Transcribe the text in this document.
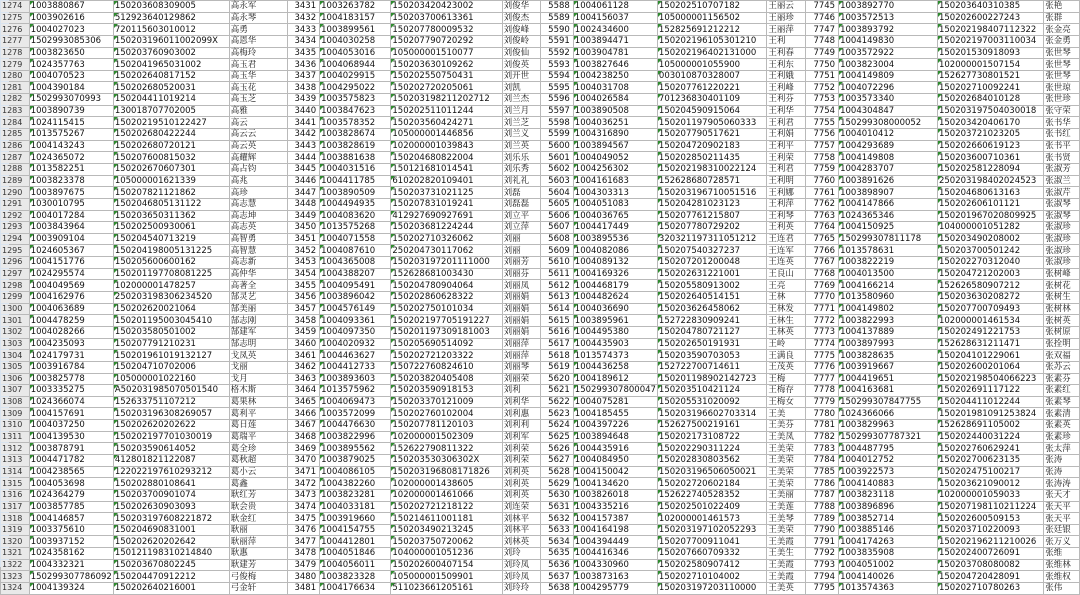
1274	1003880867	150203608309005	高永军	3431	1003263782	150203420423002	刘俊华	5588	1004061128	150202510707182	王丽云	7745	1003892770	150203640310385	张艳
1275	1003902616	512923640129862	高永琴	3432	1004183157	150203700613361	刘俊杰	5589	1004156037	105000001156502	王丽珍	7746	1003572513	150202600227243	张群
1276	1004027023	720115603010012	高勇	3433	1003899561	150207780009532	刘俊峰	5590	1002434600	152825691212212	王丽萍	7747	1003893792	150202198407112322	张金亮
1277	1502993085306	150203196011002099X	高恩华	3434	1004030258	150207790720292	刘俊岭	5591	1003894471	150202196105301210	王利	7748	1004149830	150202197003110034	张金勇
1278	1003823650	150203760903002	高梅玲	3435	1004053016	105000001510077	刘俊仙	5592	1003904781	150202196402131000	王利春	7749	1003572922	150201530918093	张世琴
1279	1024357763	1502041965031002	高玉君	3436	1004068944	150203630109262	刘俊英	5593	1003827646	105000001055900	王利东	7750	1003823004	102000001507154	张世琴
1280	1004070523	150202640817152	高玉华	3437	1004029915	150202550750431	刘开世	5594	1004238250	003010870328007	王利娥	7751	1004149809	152627730801521	张世琴
1281	1004390184	150202680520031	高玉花	3438	1004295022	150202720205061	刘凯	5595	1004031708	150207761220221	王利峰	7752	1004072296	150202710092241	张世琼
1282	1502993070993	150204411019214	高玉芝	3439	1003575823	150203198211202712	刘兰杰	5596	1004026584	701236830401109	王利芬	7753	1003573340	150202684010128	张世珍
1283	1003890739	130018707702005	高雅	3440	1003847623	150202511011244	刘兰月	5597	1003890508	150204590915064	王利华	7754	1004304847	150203197504030018	张守荣
1284	1024115415	15020219510122427	高云	3441	1003578352	150203560424271	刘兰芝	5598	1004036251	150201197905060333	王利君	7755	150299308000052	150203420406170	张书华
1285	1013575267	150202680422244	高云云	3442	1003828674	105000001446856	刘兰义	5599	1004316890	150207790517621	王利娟	7756	1004010412	150203721023205	张书红
1286	1004143243	150202680720121	高云英	3443	1003828619	102000001039843	刘兰英	5600	1003894567	150204720902183	王利平	7757	1004293689	150202660619123	张书平
1287	1024365072	150207600815032	高耀辉	3444	1003881638	150204680822004	刘乐乐	5601	1004049052	150202850211435	王利荣	7758	1004149808	150203600710361	张书贤
1288	1013582251	150202670607301	高占钧	3445	1004031516	150121681014541	刘乐秀	5602	1004256302	150202198310022124	王利君	7759	1004283707	150202581228094	张淑芳
1289	1003823378	105000001621339	高兆	3446	1004411785	610202820109401	刘礼礼	5603	1004161683	152628680728571	王利明	7760	1003891626	250203198402024523	张淑兰
1290	1003897675	150207821121862	高珍	3447	1003890509	150203731021125	刘磊	5604	1004303313	150203196710051516	王利娜	7761	1003898907	150204680613163	张淑芹
1291	1030010795	1502046805131122	高志慧	3448	1004494935	150207831019241	刘磊磊	5605	1004051083	150204281023123	王利萍	7762	1004147866	150202606101121	张淑琴
1292	1004017284	150203650311362	高志坤	3449	1004083620	412927690927691	刘立平	5606	1004036765	150207761215807	王利琴	7763	1024365346	150201967020809925	张淑琴
1293	1003843964	150202500930061	高志英	3450	1013575268	150203681224244	刘立萍	5607	1004417449	150207780729202	王利英	7764	1004150925	104000001051282	张淑珍
1294	1003909104	150204540713219	高智勇	3451	1004071558	150202710326062	刘丽	5608	1003895536	320321197311051212	王连君	7765	150299307811178	150203490208002	张淑珍
1295	1024605367	150204198005131225	高智慧	3452	1004087610	250204730117062	刘丽	5609	1004082086	150207540327237	王连军	7766	1013578631	150203700501242	张淑珍
1296	1004151776	150205600600162	高志新	3453	1004365008	150203197201111000	刘丽芳	5610	1004089132	150207201200048	王连英	7767	1003822219	150202270312040	张淑珍
1297	1024295574	150201197708081225	高仲华	3454	1004388207	152628681003430	刘丽芬	5611	1004169326	150202631221001	王良山	7768	1004013500	150204721202003	张树峰
1298	1004049569	102000001478257	高著全	3455	1004095491	150204780904064	刘丽凤	5612	1004468179	150205580913002	王亮	7769	1004166214	152626580907212	张树花
1299	1004162976	250203198306234520	郜灵艺	3456	1003896042	150202860628322	刘丽娟	5613	1004482624	150202640514151	王林	7770	1013580960	150203630208272	张树生
1300	1004063689	150202620021064	郜美丽	3457	1004576149	150202750101034	刘丽娟	5614	1004036690	150203626458062	王林发	7771	1004149802	150207700709493	张树林
1301	1004478259	150201195003045410	郜志刚	3458	1004093361	150202197705191227	刘丽娟	5615	1003895961	152722830909241	王林生	7772	1003822993	102000001461534	张树英
1302	1004028266	150203580501002	郜建军	3459	1004097350	150201197309181003	刘丽娟	5616	1004495380	150204780721127	王林英	7773	1004137889	150202491221753	张树原
1303	1004235093	150207791210231	郜志明	3460	1004020932	150205690514092	刘丽萍	5617	1004435903	150202650191931	王岭	7774	1003897993	152628631211471	张拴明
1304	1024179731	150201961019132127	戈凤英	3461	1004463627	150202721203322	刘丽萍	5618	1013574373	150203590703053	王满良	7775	1003828635	150204101229061	张双福
1305	1003916784	150204710702006	戈丽	3462	1004412733	150722760824610	刘丽琴	5619	1004436258	152722700714611	王茂英	7776	1003919667	150202600201064	张苏云
1306	1003825778	105000001022160	戈月	3463	1003893603	150203820405408	刘丽荣	5620	1004189612	150201198902142723	王梅	7777	1004419651	150202198504066223	张素芬
1307	1003335275	A502031985070501540	格木斯	3464	1013575962	150203590918153	刘利	5621	150299307800047	150203510421124	王梅存	7778	1004163681	150202691117122	张素红
1308	1024366074	152633751107212	葛果林	3465	1004069473	150203370121009	刘利华	5622	1004075281	150205531020092	王梅女	7779	150299307847755	150204411012244	张素琴
1309	1004157691	150203196308269057	葛利平	3466	1003572099	150202760102004	刘利惠	5623	1004185455	150203196602703314	王美	7780	1024366066	150201981091253824	张素清
1310	1004037250	150202620202622	葛日莲	3467	1004476630	150207781120103	刘利利	5624	1004397226	152627500219161	王美芬	7781	1003829963	152628691105002	张素英
1311	1004139530	150202197701030019	葛瑞平	3468	1003822996	102000001502309	刘利军	5625	1003894648	150202173108722	王美凤	7782	150299307787321	150202440031224	张素珍
1312	1003878791	150203590614052	葛全珍	3469	1003895562	152622790811322	刘利荣	5626	1004435916	150202290311224	王美荣	7783	1004487795	150202760629241	张太萍
1313	1004471782	412801821122087	葛秋超	3470	1003879025	150203530306302X	刘利荣	5627	1004084950	150202830803562	王美荣	7784	1004012752	150202700623135	张涛
1314	1004238565	122022197610293212	葛小云	3471	1004086105	150203196808171826	刘利英	5628	1004150042	150203196506050021	王美荣	7785	1003922573	150202475100217	张涛
1315	1004053698	150202880108641	葛鑫	3472	1004382260	102000001438605	刘利英	5629	1004134620	150202720602184	王美荣	7786	1004140883	150203621090012	张涛涛
1316	1024364279	150203700901074	耿红芳	3473	1003823281	102000001461066	刘利英	5630	1003826018	152622740528352	王美丽	7787	1003823118	102000001059033	张天才
1317	1003857785	150202630903093	耿会贵	3474	1004033181	150202721218122	刘连荣	5631	1004335216	150202501022409	王美莲	7788	1003896896	150207198110211224	张天平
1318	1004146857	150203197608221872	耿金红	3475	1003919660	150214611001181	刘林平	5632	1004157387	102000001461573	王美琴	7789	1003852714	150202600509153	张天平
1319	1003375610	150204690831001	耿丽	3476	1004154755	150203490213245	刘林平	5633	1004164198	150203197102052293	王美荣	7790	1003885146	150203710220093	张廷银
1320	1003937152	150202620202642	耿丽萍	3477	1004412801	150203750720062	刘林英	5634	1004394449	150207700911041	王美霞	7791	1004174263	150202196211210026	张万义
1321	1024358162	150121198310214840	耿惠	3478	1004051846	104000001051236	刘玲	5635	1004416346	150207660709332	王美生	7792	1003835908	150202400726091	张维
1322	1004332321	150203670802245	耿建芳	3479	1004056011	150202600407154	刘玲凤	5636	1004330960	150202580907412	王美霞	7793	1004051002	150203708080082	张维林
1323	150299307786092	150204470912212	弓俊梅	3480	1003823328	105000001509901	刘玲凤	5637	1003873163	150202710104002	王美霞	7794	1004140026	150204720428091	张维权
1324	1004139324	150202640216001	弓金轩	3481	1004176634	511023661205161	刘玲玲	5638	1004295779	150203197203110000	王美英	7795	1013574363	150202710780263	张伟
